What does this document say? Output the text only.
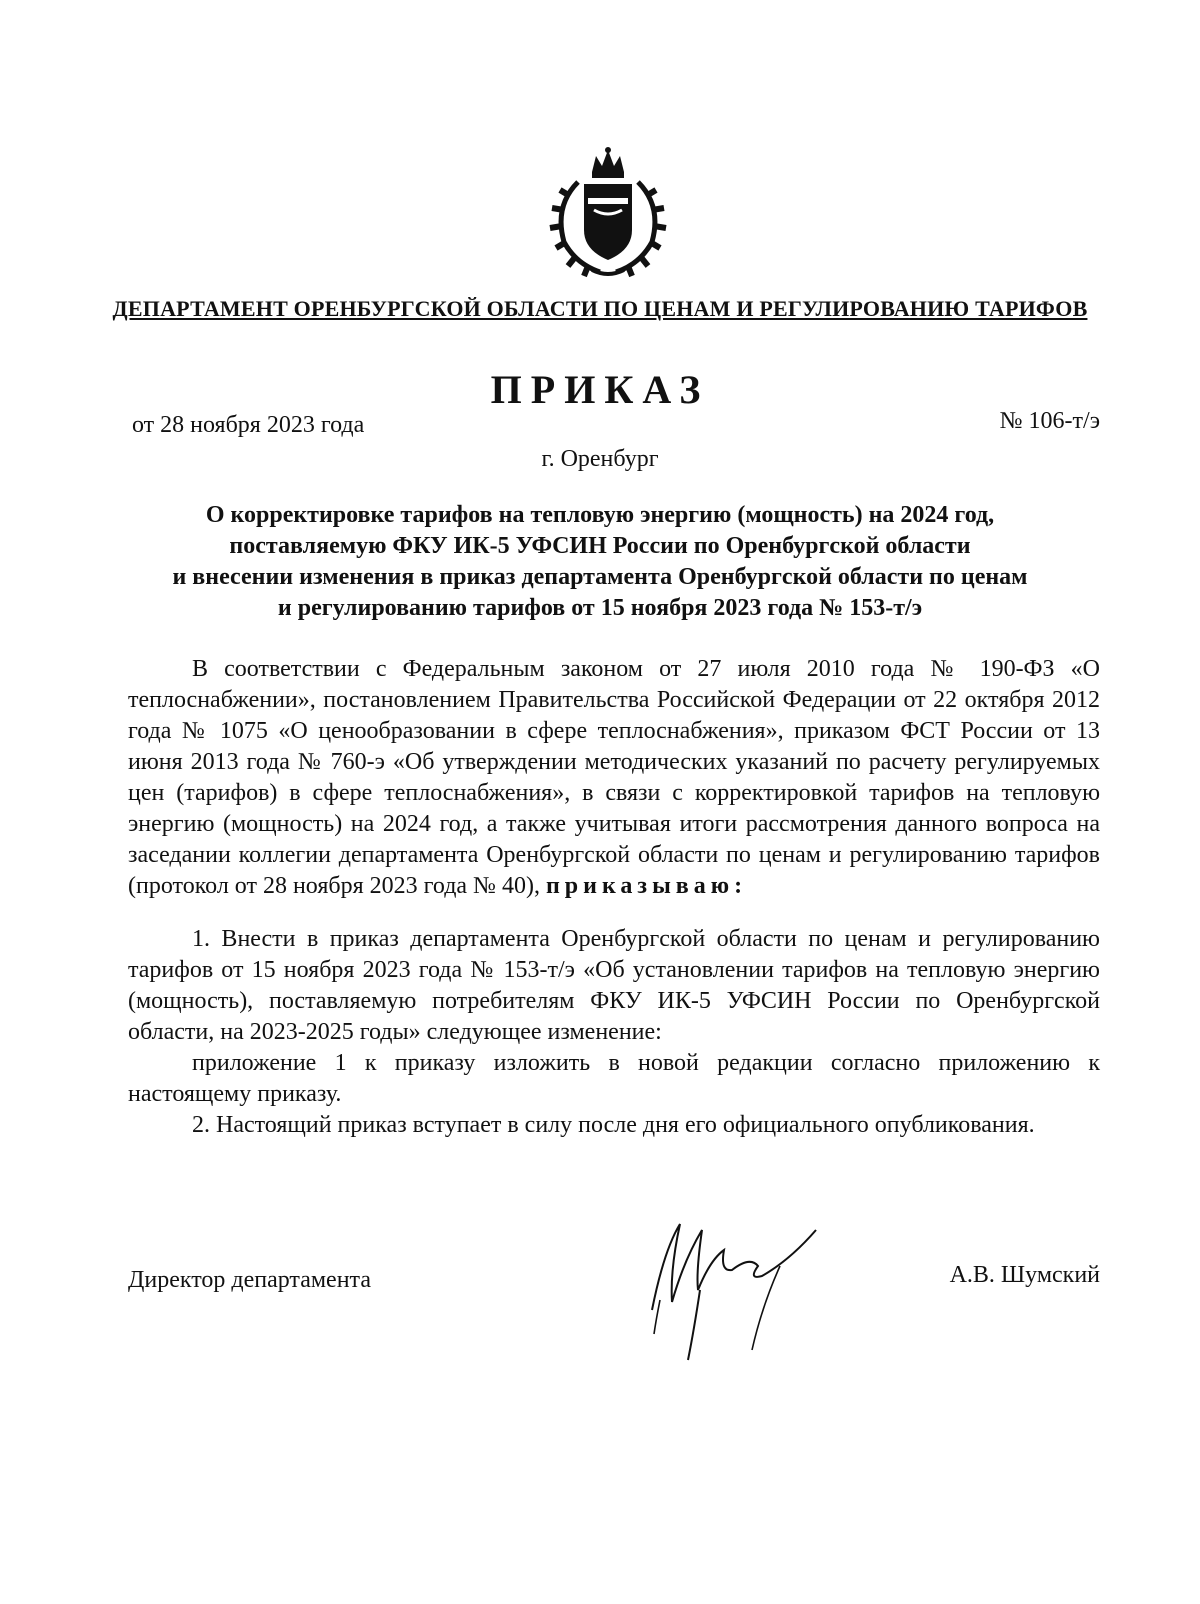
ДЕПАРТАМЕНТ ОРЕНБУРГСКОЙ ОБЛАСТИ ПО ЦЕНАМ И РЕГУЛИРОВАНИЮ ТАРИФОВ
ПРИКАЗ
от 28 ноября 2023 года	№ 106-т/э
г. Оренбург
О корректировке тарифов на тепловую энергию (мощность) на 2024 год,
поставляемую ФКУ ИК-5 УФСИН России по Оренбургской области
и внесении изменения в приказ департамента Оренбургской области по ценам
и регулированию тарифов от 15 ноября 2023 года № 153-т/э

В соответствии с Федеральным законом от 27 июля 2010 года № 190-ФЗ «О теплоснабжении», постановлением Правительства Российской Федерации от 22 октября 2012 года № 1075 «О ценообразовании в сфере теплоснабжения», приказом ФСТ России от 13 июня 2013 года № 760-э «Об утверждении методических указаний по расчету регулируемых цен (тарифов) в сфере теплоснабжения», в связи с корректировкой тарифов на тепловую энергию (мощность) на 2024 год, а также учитывая итоги рассмотрения данного вопроса на заседании коллегии департамента Оренбургской области по ценам и регулированию тарифов (протокол от 28 ноября 2023 года № 40), приказываю:

1. Внести в приказ департамента Оренбургской области по ценам и регулированию тарифов от 15 ноября 2023 года № 153-т/э «Об установлении тарифов на тепловую энергию (мощность), поставляемую потребителям ФКУ ИК-5 УФСИН России по Оренбургской области, на 2023-2025 годы» следующее изменение:

приложение 1 к приказу изложить в новой редакции согласно приложению к настоящему приказу.

2. Настоящий приказ вступает в силу после дня его официального опубликования.

Директор департамента	А.В. Шумский
